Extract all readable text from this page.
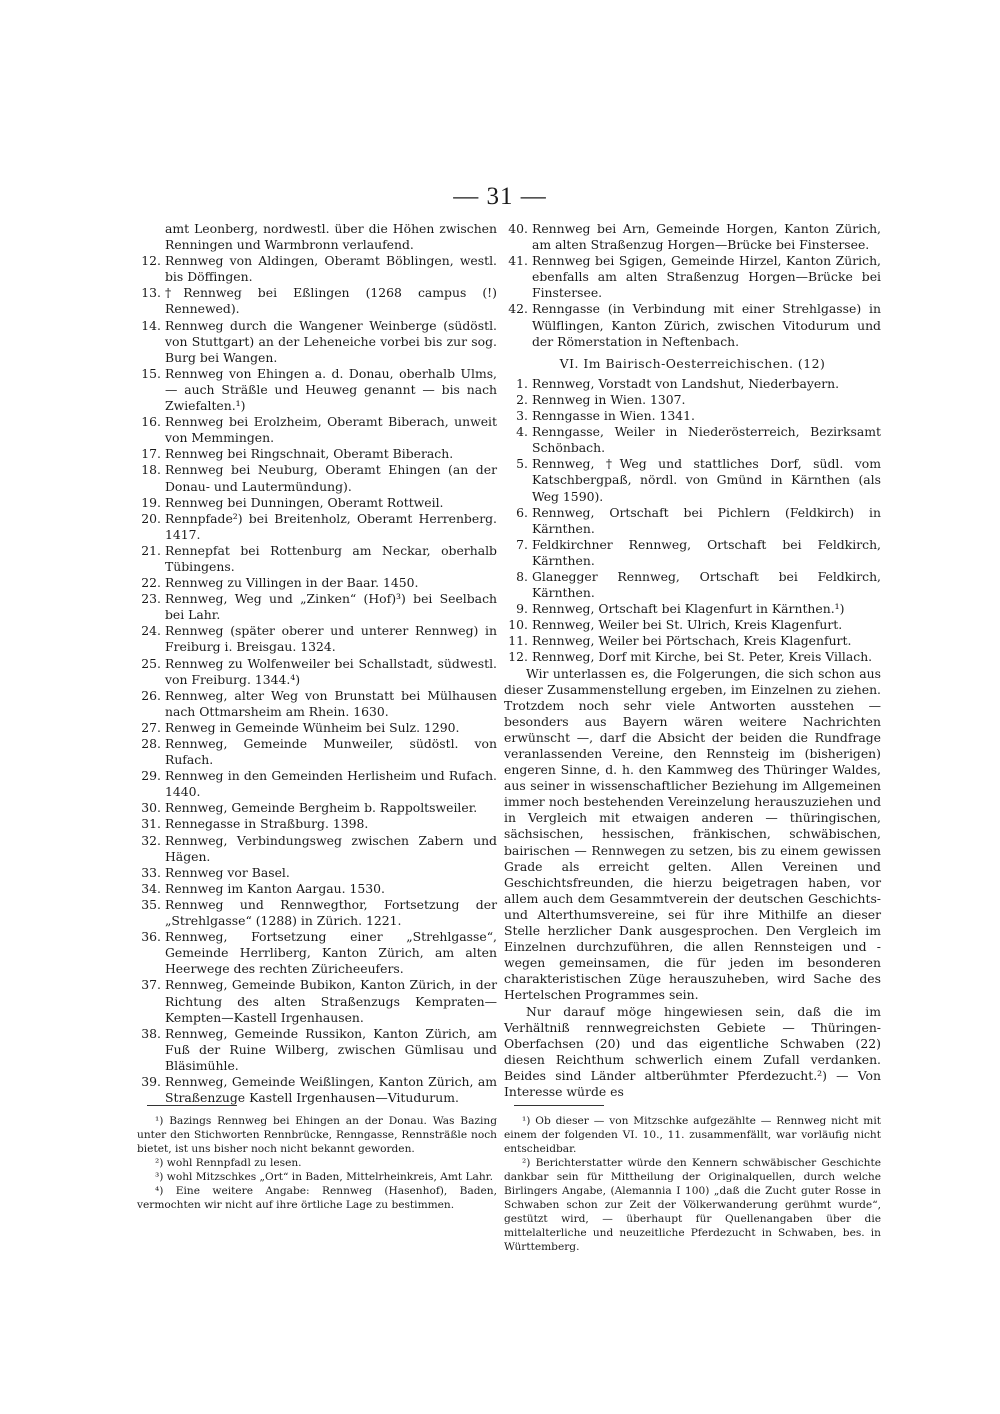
— 31 —
amt Leonberg, nordwestl. über die Höhen zwischen Renningen und Warmbronn verlaufend.
12. Rennweg von Aldingen, Oberamt Böblingen, westl. bis Döffingen.
13. †Rennweg bei Eßlingen (1268 campus (!) Rennewed).
14. Rennweg durch die Wangener Weinberge (südöstl. von Stuttgart) an der Leheneiche vorbei bis zur sog. Burg bei Wangen.
15. Rennweg von Ehingen a. d. Donau, oberhalb Ulms, — auch Sträßle und Heuweg genannt — bis nach Zwiefalten.¹)
16. Rennweg bei Erolzheim, Oberamt Biberach, unweit von Memmingen.
17. Rennweg bei Ringschnait, Oberamt Biberach.
18. Rennweg bei Neuburg, Oberamt Ehingen (an der Donau- und Lautermündung).
19. Rennweg bei Dunningen, Oberamt Rottweil.
20. Rennpfade²) bei Breitenholz, Oberamt Herrenberg. 1417.
21. Rennepfat bei Rottenburg am Neckar, oberhalb Tübingens.
22. Rennweg zu Villingen in der Baar. 1450.
23. Rennweg, Weg und „Zinken“ (Hof)³) bei Seelbach bei Lahr.
24. Rennweg (später oberer und unterer Rennweg) in Freiburg i. Breisgau. 1324.
25. Rennweg zu Wolfenweiler bei Schallstadt, südwestl. von Freiburg. 1344.⁴)
26. Rennweg, alter Weg von Brunstatt bei Mülhausen nach Ottmarsheim am Rhein. 1630.
27. Renweg in Gemeinde Wünheim bei Sulz. 1290.
28. Rennweg, Gemeinde Munweiler, südöstl. von Rufach.
29. Rennweg in den Gemeinden Herlisheim und Rufach. 1440.
30. Rennweg, Gemeinde Bergheim b. Rappoltsweiler.
31. Rennegasse in Straßburg. 1398.
32. Rennweg, Verbindungsweg zwischen Zabern und Hägen.
33. Rennweg vor Basel.
34. Rennweg im Kanton Aargau. 1530.
35. Rennweg und Rennwegthor, Fortsetzung der „Strehlgasse“ (1288) in Zürich. 1221.
36. Rennweg, Fortsetzung einer „Strehlgasse“, Gemeinde Herrliberg, Kanton Zürich, am alten Heerwege des rechten Züricheeufers.
37. Rennweg, Gemeinde Bubikon, Kanton Zürich, in der Richtung des alten Straßenzugs Kempraten—Kempten—Kastell Irgenhausen.
38. Rennweg, Gemeinde Russikon, Kanton Zürich, am Fuß der Ruine Wilberg, zwischen Gümlisau und Bläsimühle.
39. Rennweg, Gemeinde Weißlingen, Kanton Zürich, am Straßenzuge Kastell Irgenhausen—Vitudurum.
40. Rennweg bei Arn, Gemeinde Horgen, Kanton Zürich, am alten Straßenzug Horgen—Brücke bei Finstersee.
41. Rennweg bei Sgigen, Gemeinde Hirzel, Kanton Zürich, ebenfalls am alten Straßenzug Horgen—Brücke bei Finstersee.
42. Renngasse (in Verbindung mit einer Strehlgasse) in Wülflingen, Kanton Zürich, zwischen Vitodurum und der Römerstation in Neftenbach.
VI. Im Bairisch-Oesterreichischen. (12)
1. Rennweg, Vorstadt von Landshut, Niederbayern.
2. Rennweg in Wien. 1307.
3. Renngasse in Wien. 1341.
4. Renngasse, Weiler in Niederösterreich, Bezirksamt Schönbach.
5. Rennweg, †Weg und stattliches Dorf, südl. vom Katschbergpaß, nördl. von Gmünd in Kärnthen (als Weg 1590).
6. Rennweg, Ortschaft bei Pichlern (Feldkirch) in Kärnthen.
7. Feldkirchner Rennweg, Ortschaft bei Feldkirch, Kärnthen.
8. Glanegger Rennweg, Ortschaft bei Feldkirch, Kärnthen.
9. Rennweg, Ortschaft bei Klagenfurt in Kärnthen.¹)
10. Rennweg, Weiler bei St. Ulrich, Kreis Klagenfurt.
11. Rennweg, Weiler bei Pörtschach, Kreis Klagenfurt.
12. Rennweg, Dorf mit Kirche, bei St. Peter, Kreis Villach.

Wir unterlassen es, die Folgerungen, die sich schon aus dieser Zusammenstellung ergeben, im Einzelnen zu ziehen. Trotzdem noch sehr viele Antworten ausstehen — besonders aus Bayern wären weitere Nachrichten erwünscht —, darf die Absicht der beiden die Rundfrage veranlassenden Vereine, den Rennsteig im (bisherigen) engeren Sinne, d. h. den Kammweg des Thüringer Waldes, aus seiner in wissenschaftlicher Beziehung im Allgemeinen immer noch bestehenden Vereinzelung herauszuziehen und in Vergleich mit etwaigen anderen — thüringischen, sächsischen, hessischen, fränkischen, schwäbischen, bairischen — Rennwegen zu setzen, bis zu einem gewissen Grade als erreicht gelten. Allen Vereinen und Geschichtsfreunden, die hierzu beigetragen haben, vor allem auch dem Gesammtverein der deutschen Geschichts- und Alterthumsvereine, sei für ihre Mithilfe an dieser Stelle herzlicher Dank ausgesprochen. Den Vergleich im Einzelnen durchzuführen, die allen Rennsteigen und -wegen gemeinsamen, die für jeden im besonderen charakteristischen Züge herauszuheben, wird Sache des Hertelschen Programmes sein.

Nur darauf möge hingewiesen sein, daß die im Verhältniß rennwegreichsten Gebiete — Thüringen-Oberfachsen (20) und das eigentliche Schwaben (22) diesen Reichthum schwerlich einem Zufall verdanken. Beides sind Länder altberühmter Pferdezucht.²) — Von Interesse würde es

¹) Bazings Rennweg bei Ehingen an der Donau. Was Bazing unter den Stichworten Rennbrücke, Renngasse, Rennsträßle noch bietet, ist uns bisher noch nicht bekannt geworden.

²) wohl Rennpfadl zu lesen.

³) wohl Mitzschkes „Ort“ in Baden, Mittelrheinkreis, Amt Lahr.

⁴) Eine weitere Angabe: Rennweg (Hasenhof), Baden, vermochten wir nicht auf ihre örtliche Lage zu bestimmen.

¹) Ob dieser — von Mitzschke aufgezählte — Rennweg nicht mit einem der folgenden VI. 10., 11. zusammenfällt, war vorläufig nicht entscheidbar.

²) Berichterstatter würde den Kennern schwäbischer Geschichte dankbar sein für Mittheilung der Originalquellen, durch welche Birlingers Angabe, (Alemannia I 100) „daß die Zucht guter Rosse in Schwaben schon zur Zeit der Völkerwanderung gerühmt wurde“, gestützt wird, — überhaupt für Quellenangaben über die mittelalterliche und neuzeitliche Pferdezucht in Schwaben, bes. in Württemberg.
